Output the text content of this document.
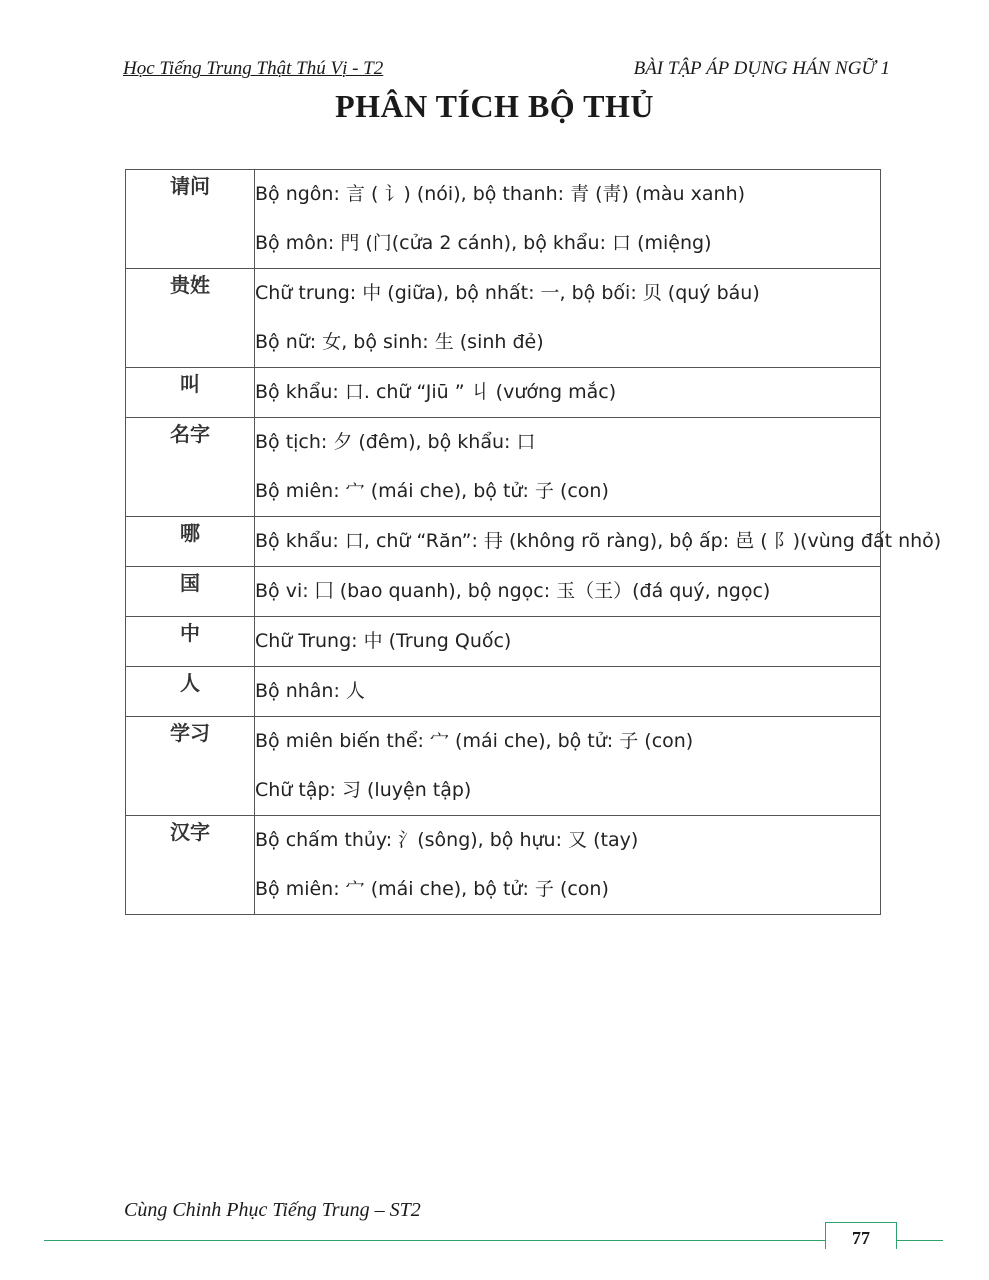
Học Tiếng Trung Thật Thú Vị - T2	BÀI TẬP ÁP DỤNG HÁN NGỮ 1
PHÂN TÍCH BỘ THỦ
请问	Bộ ngôn: 言 ( 讠) (nói), bộ thanh: 青 (靑) (màu xanh)
Bộ môn: 門 (门(cửa 2 cánh), bộ khẩu: 口 (miệng)

贵姓	Chữ trung: 中 (giữa), bộ nhất: 一, bộ bối: 贝 (quý báu)
Bộ nữ: 女, bộ sinh: 生 (sinh đẻ)

叫	Bộ khẩu: 口. chữ “Jiū ” 丩 (vướng mắc)

名字	Bộ tịch: 夕 (đêm), bộ khẩu: 口
Bộ miên: 宀 (mái che), bộ tử: 子 (con)

哪	Bộ khẩu: 口, chữ “Răn”: 冄 (không rõ ràng), bộ ấp: 邑 ( 阝)(vùng đất nhỏ)

国	Bộ vi: 囗 (bao quanh), bộ ngọc: 玉（王）(đá quý, ngọc)

中	Chữ Trung: 中 (Trung Quốc)

人	Bộ nhân: 人

学习	Bộ miên biến thể: 宀 (mái che), bộ tử: 子 (con)
Chữ tập: 习 (luyện tập)

汉字	Bộ chấm thủy: 氵(sông), bộ hựu: 又 (tay)
Bộ miên: 宀 (mái che), bộ tử: 子 (con)
Cùng Chinh Phục Tiếng Trung – ST2
77
